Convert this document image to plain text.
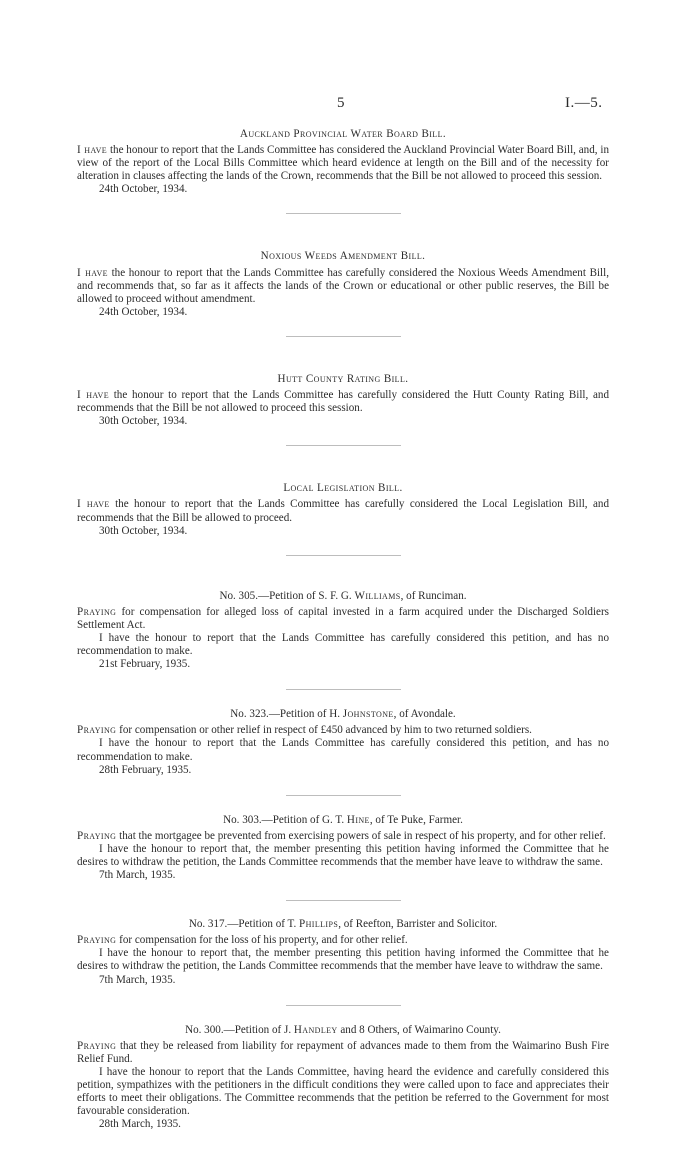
5	I.—5.

Auckland Provincial Water Board Bill.

I have the honour to report that the Lands Committee has considered the Auckland Provincial Water Board Bill, and, in view of the report of the Local Bills Committee which heard evidence at length on the Bill and of the necessity for alteration in clauses affecting the lands of the Crown, recommends that the Bill be not allowed to proceed this session.

24th October, 1934.

Noxious Weeds Amendment Bill.

I have the honour to report that the Lands Committee has carefully considered the Noxious Weeds Amendment Bill, and recommends that, so far as it affects the lands of the Crown or educational or other public reserves, the Bill be allowed to proceed without amendment.

24th October, 1934.

Hutt County Rating Bill.

I have the honour to report that the Lands Committee has carefully considered the Hutt County Rating Bill, and recommends that the Bill be not allowed to proceed this session.

30th October, 1934.

Local Legislation Bill.

I have the honour to report that the Lands Committee has carefully considered the Local Legislation Bill, and recommends that the Bill be allowed to proceed.

30th October, 1934.

No. 305.—Petition of S. F. G. Williams, of Runciman.

Praying for compensation for alleged loss of capital invested in a farm acquired under the Discharged Soldiers Settlement Act.

I have the honour to report that the Lands Committee has carefully considered this petition, and has no recommendation to make.

21st February, 1935.

No. 323.—Petition of H. Johnstone, of Avondale.

Praying for compensation or other relief in respect of £450 advanced by him to two returned soldiers.

I have the honour to report that the Lands Committee has carefully considered this petition, and has no recommendation to make.

28th February, 1935.

No. 303.—Petition of G. T. Hine, of Te Puke, Farmer.

Praying that the mortgagee be prevented from exercising powers of sale in respect of his property, and for other relief.

I have the honour to report that, the member presenting this petition having informed the Committee that he desires to withdraw the petition, the Lands Committee recommends that the member have leave to withdraw the same.

7th March, 1935.

No. 317.—Petition of T. Phillips, of Reefton, Barrister and Solicitor.

Praying for compensation for the loss of his property, and for other relief.

I have the honour to report that, the member presenting this petition having informed the Committee that he desires to withdraw the petition, the Lands Committee recommends that the member have leave to withdraw the same.

7th March, 1935.

No. 300.—Petition of J. Handley and 8 Others, of Waimarino County.

Praying that they be released from liability for repayment of advances made to them from the Waimarino Bush Fire Relief Fund.

I have the honour to report that the Lands Committee, having heard the evidence and carefully considered this petition, sympathizes with the petitioners in the difficult conditions they were called upon to face and appreciates their efforts to meet their obligations. The Committee recommends that the petition be referred to the Government for most favourable consideration.

28th March, 1935.
